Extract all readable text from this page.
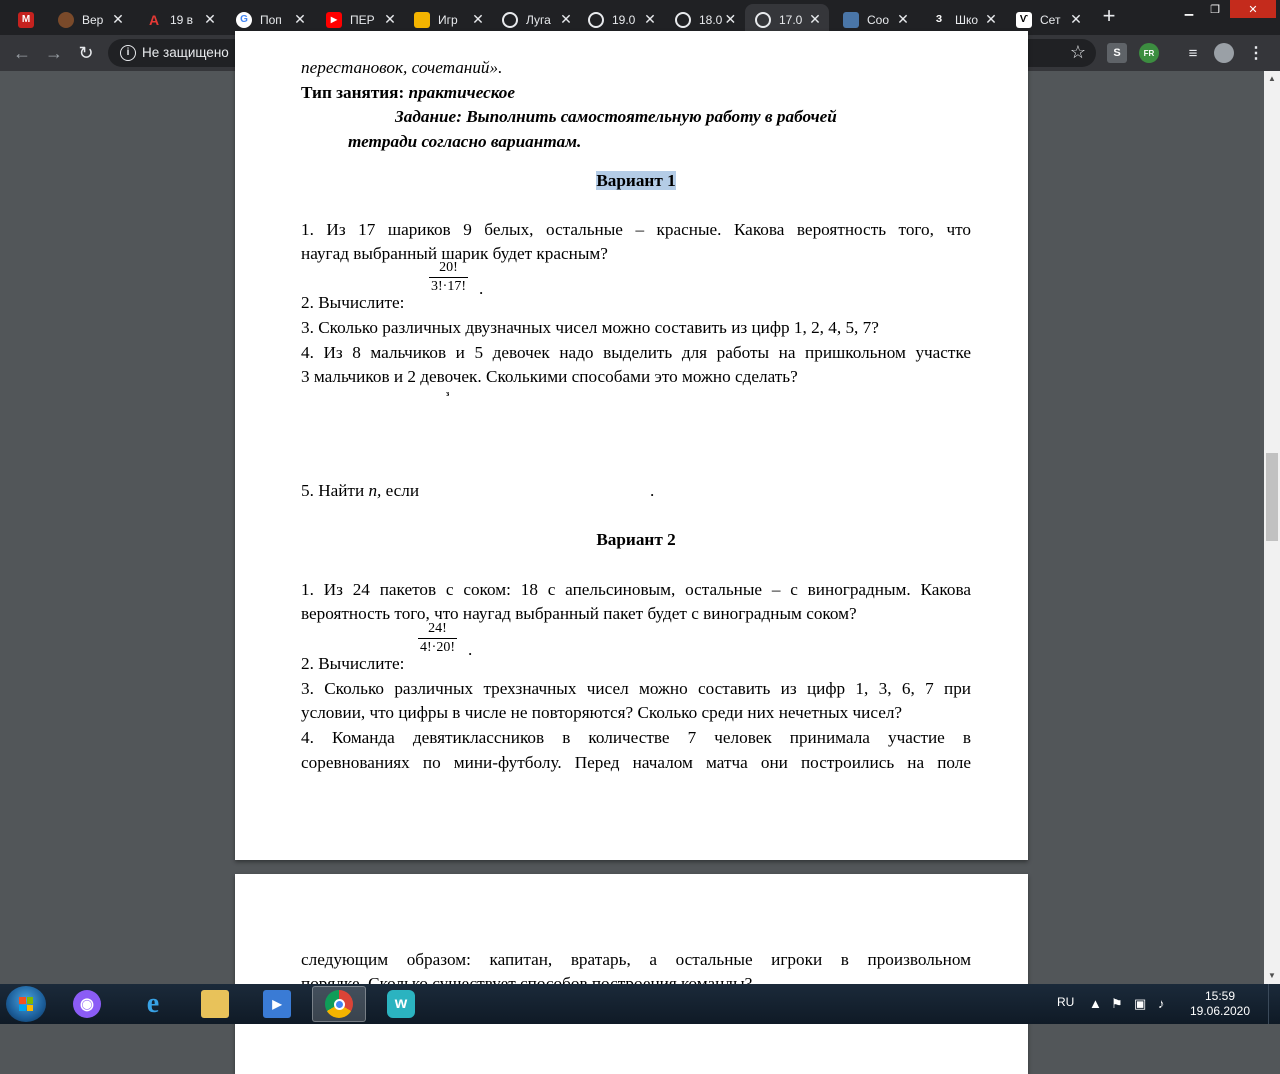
M	Вер ✕ A 19 в ✕	G	Поп ✕	▶	ПЕР ✕	Игр	✕	Луга ✕	19.0 ✕	18.0 ✕	17.0 ✕	Соо ✕	З	Шко ✕	Ѵ Сет ✕ +	▁	❐	✕
← → ↻	i Не защищено	☆	S	FR	≡	⋮
перестановок, сочетаний».
Тип занятия: практическое
Задание: Выполнить самостоятельную работу в рабочей
тетради согласно вариантам.
Вариант 1
1. Из 17 шариков 9 белых, остальные – красные. Какова вероятность того, что
наугад выбранный шарик будет красным?
2. Вычислите:
$\frac{20!}{3!\cdot 17!}$ .
3. Сколько различных двузначных чисел можно составить из цифр 1, 2, 4, 5, 7?
4. Из 8 мальчиков и 5 девочек надо выделить для работы на пришкольном участке
3 мальчиков и 2 девочек. Сколькими способами это можно сделать?
з
5. Найти n, если	.
Вариант 2
1. Из 24 пакетов с соком: 18 с апельсиновым, остальные – с виноградным. Какова
вероятность того, что наугад выбранный пакет будет с виноградным соком?
2. Вычислите:
$\frac{24!}{4!\cdot 20!}$ .
3. Сколько различных трехзначных чисел можно составить из цифр 1, 3, 6, 7 при
условии, что цифры в числе не повторяются? Сколько среди них нечетных чисел?
4. Команда девятиклассников в количестве 7 человек принимала участие в
соревнованиях по мини-футболу. Перед началом матча они построились на поле
следующим образом: капитан, вратарь, а остальные игроки в произвольном
▲
▼
◉ e	▶	w	RU ▲ ⚑ ▣ ♪	15:59
19.06.2020
